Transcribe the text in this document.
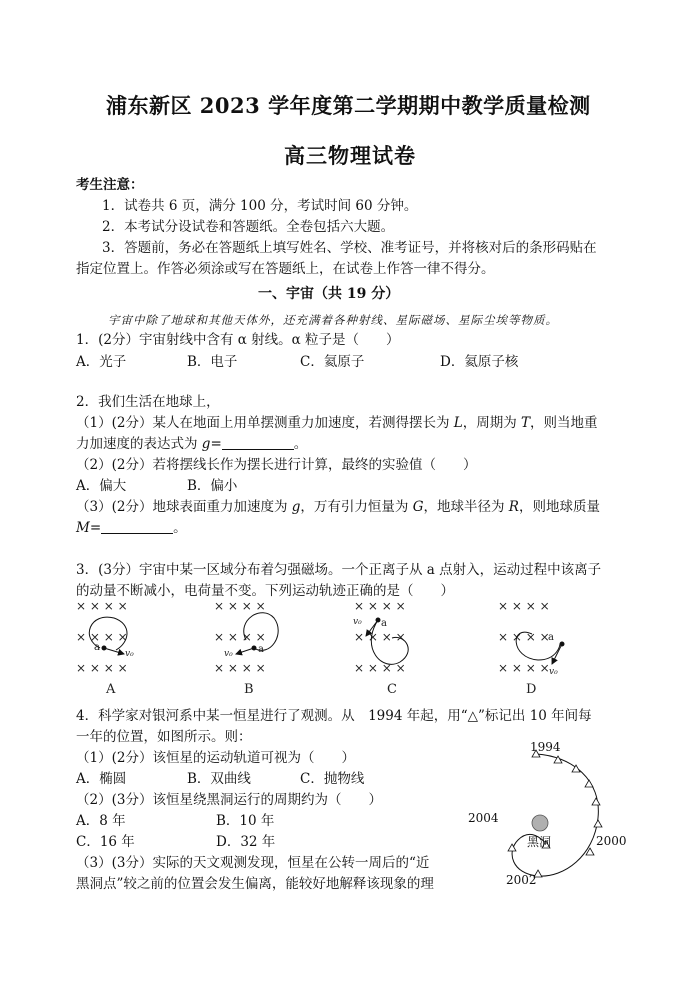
浦东新区 2023 学年度第二学期期中教学质量检测
高三物理试卷
考生注意：
1．试卷共 6 页，满分 100 分，考试时间 60 分钟。
2．本考试分设试卷和答题纸。全卷包括六大题。
3．答题前，务必在答题纸上填写姓名、学校、准考证号，并将核对后的条形码贴在
指定位置上。作答必须涂或写在答题纸上，在试卷上作答一律不得分。
一、宇宙（共 19 分）
宇宙中除了地球和其他天体外，还充满着各种射线、星际磁场、星际尘埃等物质。
1．(2分）宇宙射线中含有 α 射线。α 粒子是（　　）
A．光子	B．电子	C．氦原子	D．氦原子核
2．我们生活在地球上，
（1）(2分）某人在地面上用单摆测重力加速度，若测得摆长为 L，周期为 T，则当地重
力加速度的表达式为 g=	。
（2）(2分）若将摆线长作为摆长进行计算，最终的实验值（　　）
A．偏大	B．偏小
（3）(2分）地球表面重力加速度为 g，万有引力恒量为 G，地球半径为 R，则地球质量
M=	。
3．(3分）宇宙中某一区域分布着匀强磁场。一个正离子从 a 点射入，运动过程中该离子
的动量不断减小，电荷量不变。下列运动轨迹正确的是（　　）
× × × ×
× × × ×
× × × ×
a
v₀
A
× × × ×
× × × ×
× × × ×
a
v₀
B
× × × ×
× × × ×
× × × ×
a
v₀
C
× × × ×
× × × ×
× × × ×
a
v₀
D
4．科学家对银河系中某一恒星进行了观测。从　1994 年起，用“△”标记出 10 年间每
一年的位置，如图所示。则：
（1）(2分）该恒星的运动轨道可视为（　　）
A．椭圆	B．双曲线	C．抛物线
（2）(3分）该恒星绕黑洞运行的周期约为（　　）
A．8 年	B．10 年
C．16 年	D．32 年
（3）(3分）实际的天文观测发现，恒星在公转一周后的“近
黑洞点”较之前的位置会发生偏离，能较好地解释该现象的理
黑洞
1994
2000
2002
2004
